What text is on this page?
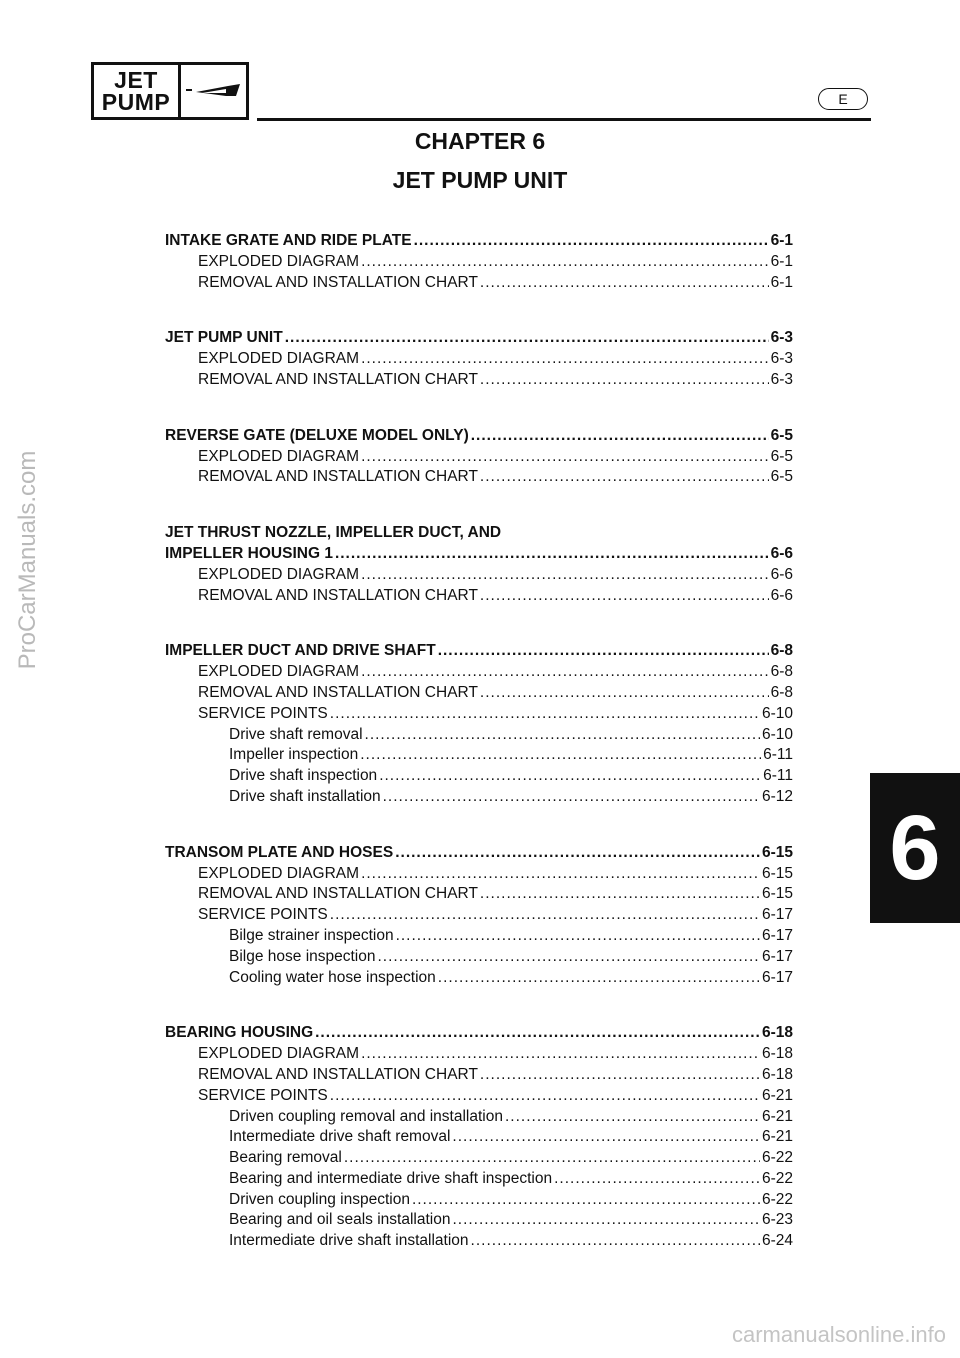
JET
PUMP	E
CHAPTER 6
JET PUMP UNIT
INTAKE GRATE AND RIDE PLATE .....	6-1
EXPLODED DIAGRAM .....	6-1
REMOVAL AND INSTALLATION CHART .....	6-1
JET PUMP UNIT .....	6-3
EXPLODED DIAGRAM .....	6-3
REMOVAL AND INSTALLATION CHART .....	6-3
REVERSE GATE (DELUXE MODEL ONLY) .....	6-5
EXPLODED DIAGRAM .....	6-5
REMOVAL AND INSTALLATION CHART .....	6-5
JET THRUST NOZZLE, IMPELLER DUCT, AND
IMPELLER HOUSING 1 .....	6-6
EXPLODED DIAGRAM .....	6-6
REMOVAL AND INSTALLATION CHART .....	6-6
IMPELLER DUCT AND DRIVE SHAFT .....	6-8
EXPLODED DIAGRAM .....	6-8
REMOVAL AND INSTALLATION CHART .....	6-8
SERVICE POINTS .....	6-10
Drive shaft removal .....	6-10
Impeller inspection .....	6-11
Drive shaft inspection .....	6-11
Drive shaft installation .....	6-12
TRANSOM PLATE AND HOSES .....	6-15
EXPLODED DIAGRAM .....	6-15
REMOVAL AND INSTALLATION CHART .....	6-15
SERVICE POINTS .....	6-17
Bilge strainer inspection .....	6-17
Bilge hose inspection .....	6-17
Cooling water hose inspection .....	6-17
BEARING HOUSING .....	6-18
EXPLODED DIAGRAM .....	6-18
REMOVAL AND INSTALLATION CHART .....	6-18
SERVICE POINTS .....	6-21
Driven coupling removal and installation .....	6-21
Intermediate drive shaft removal .....	6-21
Bearing removal .....	6-22
Bearing and intermediate drive shaft inspection .....	6-22
Driven coupling inspection .....	6-22
Bearing and oil seals installation .....	6-23
Intermediate drive shaft installation .....	6-24
6
ProCarManuals.com
carmanualsonline.info
